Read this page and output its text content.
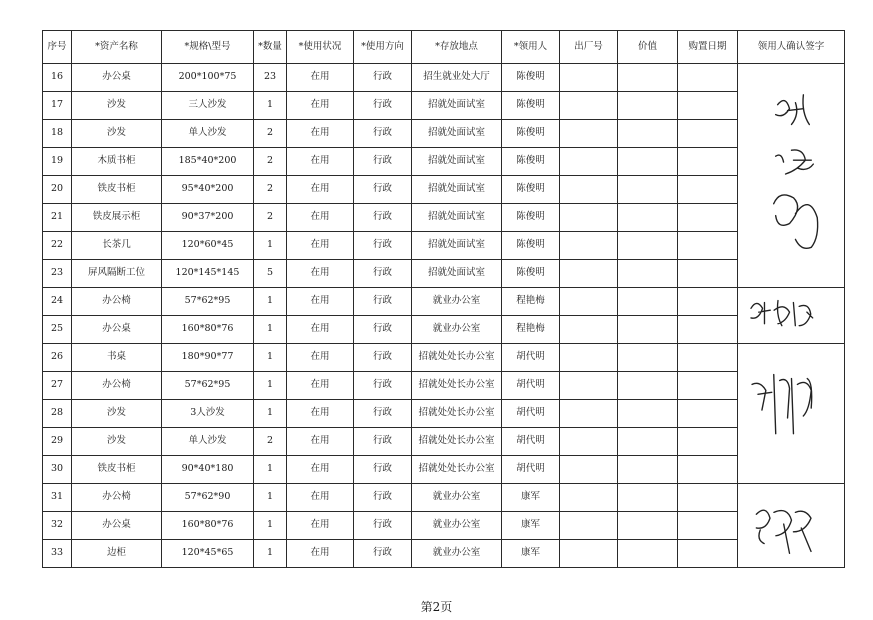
序号	*资产名称	*规格\型号	*数量	*使用状况	*使用方向	*存放地点	*领用人	出厂号	价值	购置日期	领用人确认签字
16	办公桌	200*100*75	23	在用	行政	招生就业处大厅	陈俊明				

17	沙发	三人沙发	1	在用	行政	招就处面试室	陈俊明				
18	沙发	单人沙发	2	在用	行政	招就处面试室	陈俊明				
19	木质书柜	185*40*200	2	在用	行政	招就处面试室	陈俊明				
20	铁皮书柜	95*40*200	2	在用	行政	招就处面试室	陈俊明				
21	铁皮展示柜	90*37*200	2	在用	行政	招就处面试室	陈俊明				
22	长茶几	120*60*45	1	在用	行政	招就处面试室	陈俊明				
23	屏风隔断工位	120*145*145	5	在用	行政	招就处面试室	陈俊明				
24	办公椅	57*62*95	1	在用	行政	就业办公室	程艳梅				

25	办公桌	160*80*76	1	在用	行政	就业办公室	程艳梅				
26	书桌	180*90*77	1	在用	行政	招就处处长办公室	胡代明				

27	办公椅	57*62*95	1	在用	行政	招就处处长办公室	胡代明				
28	沙发	3人沙发	1	在用	行政	招就处处长办公室	胡代明				
29	沙发	单人沙发	2	在用	行政	招就处处长办公室	胡代明				
30	铁皮书柜	90*40*180	1	在用	行政	招就处处长办公室	胡代明				
31	办公椅	57*62*90	1	在用	行政	就业办公室	康军				

32	办公桌	160*80*76	1	在用	行政	就业办公室	康军				
33	边柜	120*45*65	1	在用	行政	就业办公室	康军				
第2页
